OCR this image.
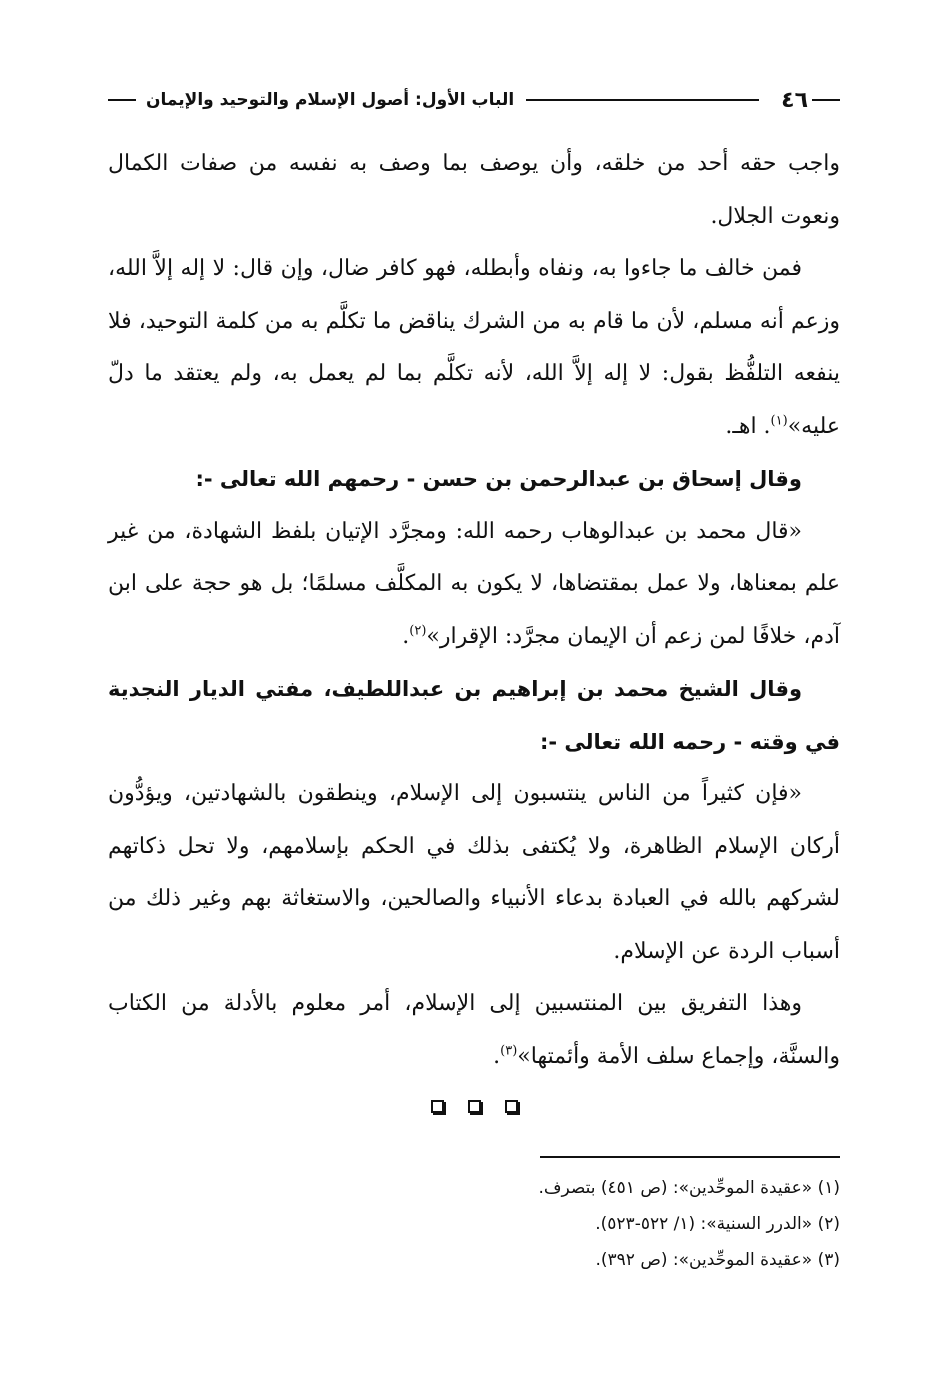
٤٦
الباب الأول: أصول الإسلام والتوحيد والإيمان

واجب حقه أحد من خلقه، وأن يوصف بما وصف به نفسه من صفات الكمال ونعوت الجلال.

فمن خالف ما جاءوا به، ونفاه وأبطله، فهو كافر ضال، وإن قال: لا إله إلاَّ الله، وزعم أنه مسلم، لأن ما قام به من الشرك يناقض ما تكلَّم به من كلمة التوحيد، فلا ينفعه التلفُّظ بقول: لا إله إلاَّ الله، لأنه تكلَّم بما لم يعمل به، ولم يعتقد ما دلّ عليه»$^{(١)}$. اهـ.

وقال إسحاق بن عبدالرحمن بن حسن - رحمهم الله تعالى -:

«قال محمد بن عبدالوهاب رحمه الله: ومجرَّد الإتيان بلفظ الشهادة، من غير علم بمعناها، ولا عمل بمقتضاها، لا يكون به المكلَّف مسلمًا؛ بل هو حجة على ابن آدم، خلافًا لمن زعم أن الإيمان مجرَّد: الإقرار»$^{(٢)}$.

وقال الشيخ محمد بن إبراهيم بن عبداللطيف، مفتي الديار النجدية في وقته - رحمه الله تعالى -:

«فإن كثيراً من الناس ينتسبون إلى الإسلام، وينطقون بالشهادتين، ويؤدُّون أركان الإسلام الظاهرة، ولا يُكتفى بذلك في الحكم بإسلامهم، ولا تحل ذكاتهم لشركهم بالله في العبادة بدعاء الأنبياء والصالحين، والاستغاثة بهم وغير ذلك من أسباب الردة عن الإسلام.

وهذا التفريق بين المنتسبين إلى الإسلام، أمر معلوم بالأدلة من الكتاب والسنَّة، وإجماع سلف الأمة وأئمتها»$^{(٣)}$.

(١) «عقيدة الموحِّدين»: (ص ٤٥١) بتصرف.

(٢) «الدرر السنية»: (١/ ٥٢٢-٥٢٣).

(٣) «عقيدة الموحِّدين»: (ص ٣٩٢).
